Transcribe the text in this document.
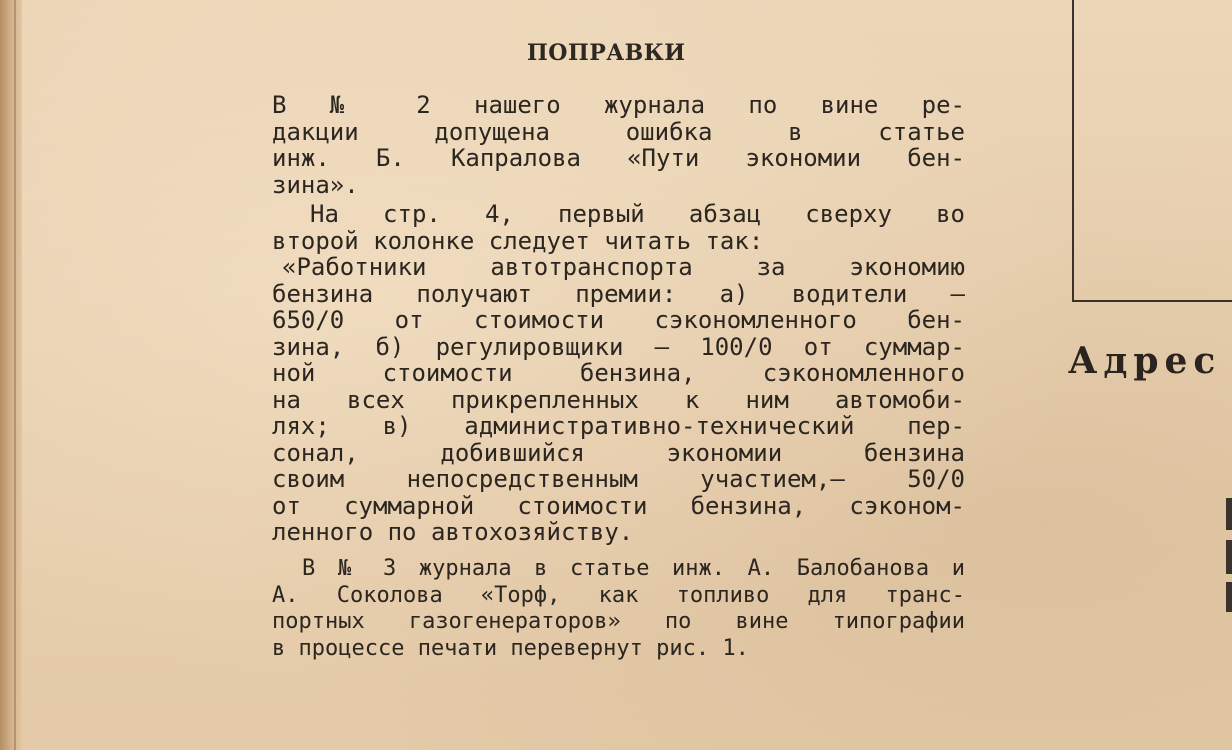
ПОПРАВКИ
В № 2 нашего журнала по вине ре-
дакции допущена ошибка в статье
инж. Б. Капралова «Пути экономии бен-
зина».
На стр. 4, первый абзац сверху во
второй колонке следует читать так:
«Работники автотранспорта за экономию
бензина получают премии: а) водители —
650/0 от стоимости сэкономленного бен-
зина, б) регулировщики — 100/0 от суммар-
ной стоимости бензина, сэкономленного
на всех прикрепленных к ним автомоби-
лях; в) административно-технический пер-
сонал, добившийся экономии бензина
своим непосредственным участием,— 50/0
от суммарной стоимости бензина, сэконом-
ленного по автохозяйству.
В № 3 журнала в статье инж. А. Балобанова и
А. Соколова «Торф, как топливо для транс-
портных газогенераторов» по вине типографии
в процессе печати перевернут рис. 1.
Адрес
